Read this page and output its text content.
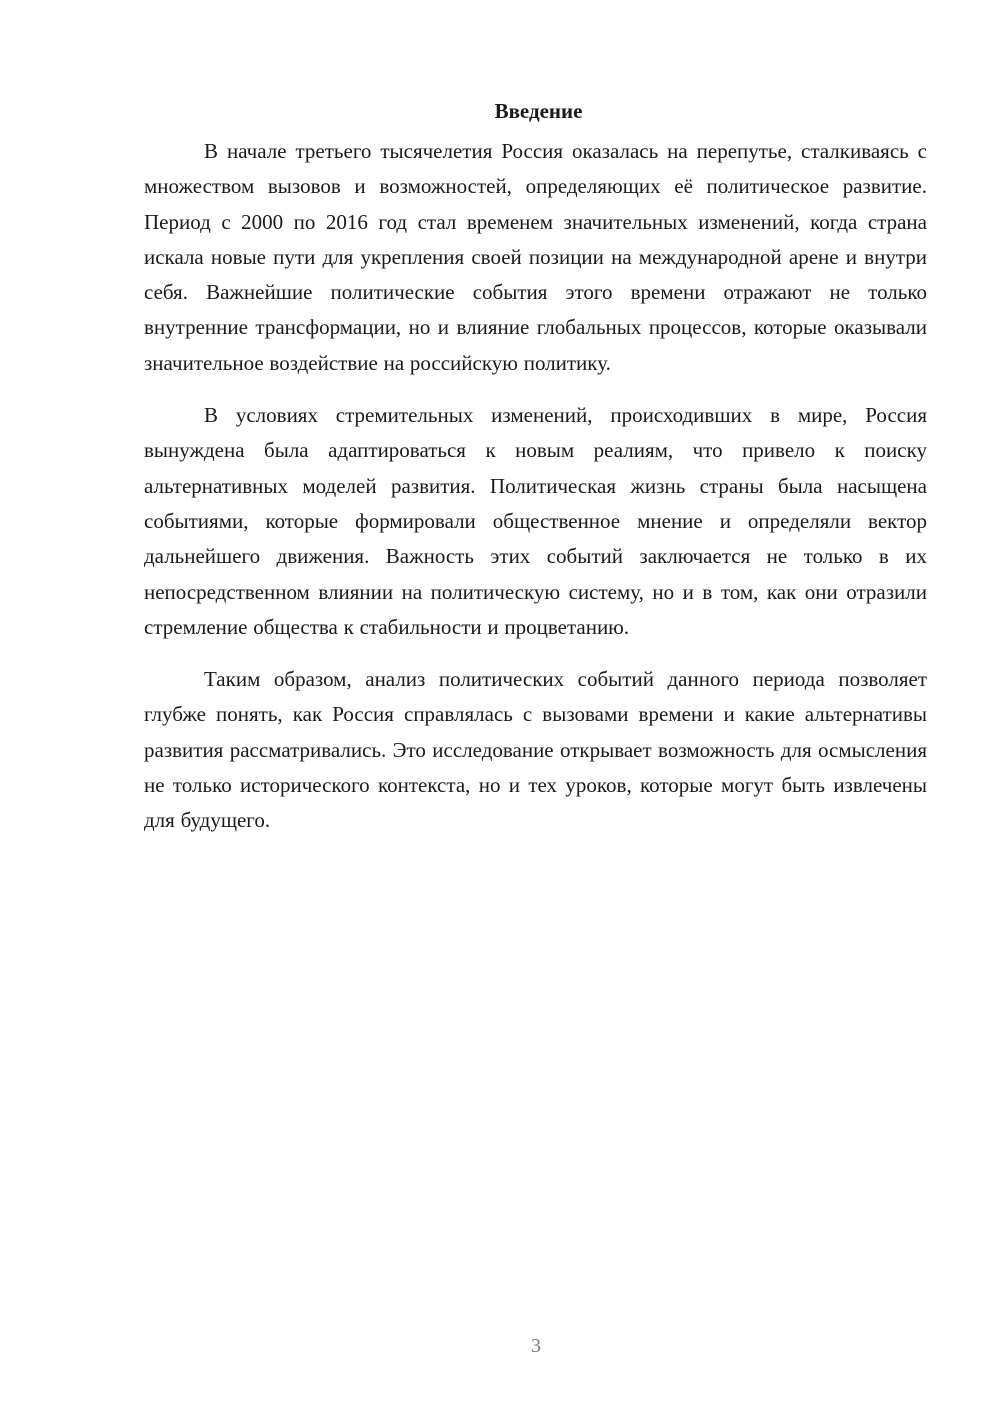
Введение

В начале третьего тысячелетия Россия оказалась на перепутье, сталкиваясь с множеством вызовов и возможностей, определяющих её политическое развитие. Период с 2000 по 2016 год стал временем значительных изменений, когда страна искала новые пути для укрепления своей позиции на международной арене и внутри себя. Важнейшие политические события этого времени отражают не только внутренние трансформации, но и влияние глобальных процессов, которые оказывали значительное воздействие на российскую политику.

В условиях стремительных изменений, происходивших в мире, Россия вынуждена была адаптироваться к новым реалиям, что привело к поиску альтернативных моделей развития. Политическая жизнь страны была насыщена событиями, которые формировали общественное мнение и определяли вектор дальнейшего движения. Важность этих событий заключается не только в их непосредственном влиянии на политическую систему, но и в том, как они отразили стремление общества к стабильности и процветанию.

Таким образом, анализ политических событий данного периода позволяет глубже понять, как Россия справлялась с вызовами времени и какие альтернативы развития рассматривались. Это исследование открывает возможность для осмысления не только исторического контекста, но и тех уроков, которые могут быть извлечены для будущего.

3
